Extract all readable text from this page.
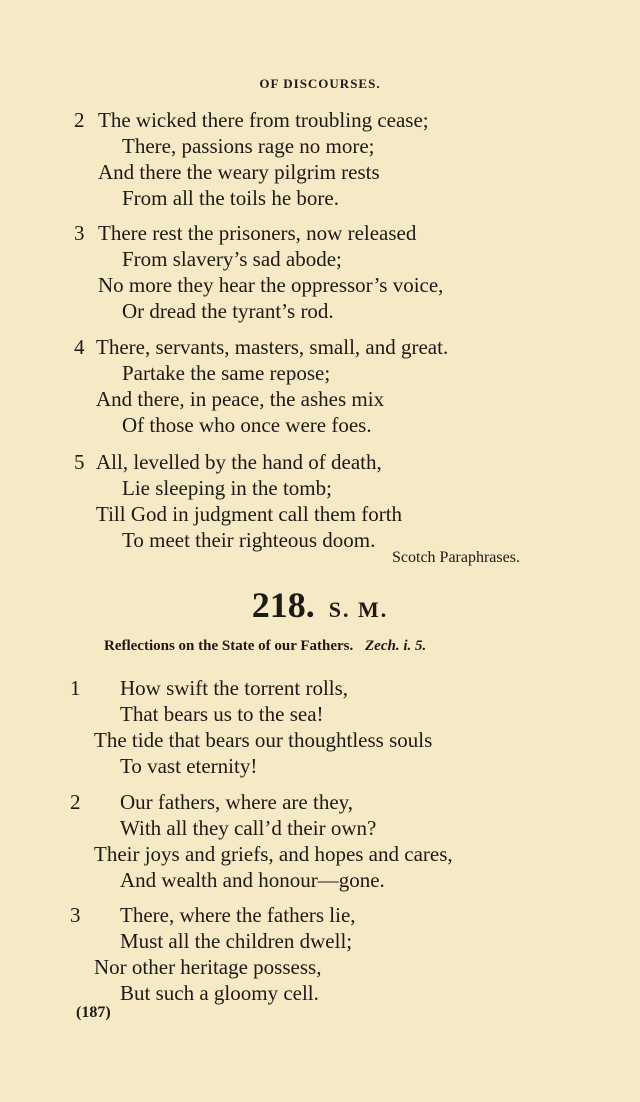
OF DISCOURSES.
2 The wicked there from troubling cease;
There, passions rage no more;
And there the weary pilgrim rests
From all the toils he bore.
3 There rest the prisoners, now released
From slavery’s sad abode;
No more they hear the oppressor’s voice,
Or dread the tyrant’s rod.
4 There, servants, masters, small, and great.
Partake the same repose;
And there, in peace, the ashes mix
Of those who once were foes.
5 All, levelled by the hand of death,
Lie sleeping in the tomb;
Till God in judgment call them forth
To meet their righteous doom.
Scotch Paraphrases.
218. S. M.
Reflections on the State of our Fathers. Zech. i. 5.
1 How swift the torrent rolls,
That bears us to the sea!
The tide that bears our thoughtless souls
To vast eternity!
2 Our fathers, where are they,
With all they call’d their own?
Their joys and griefs, and hopes and cares,
And wealth and honour—gone.
3 There, where the fathers lie,
Must all the children dwell;
Nor other heritage possess,
But such a gloomy cell.
(187)
